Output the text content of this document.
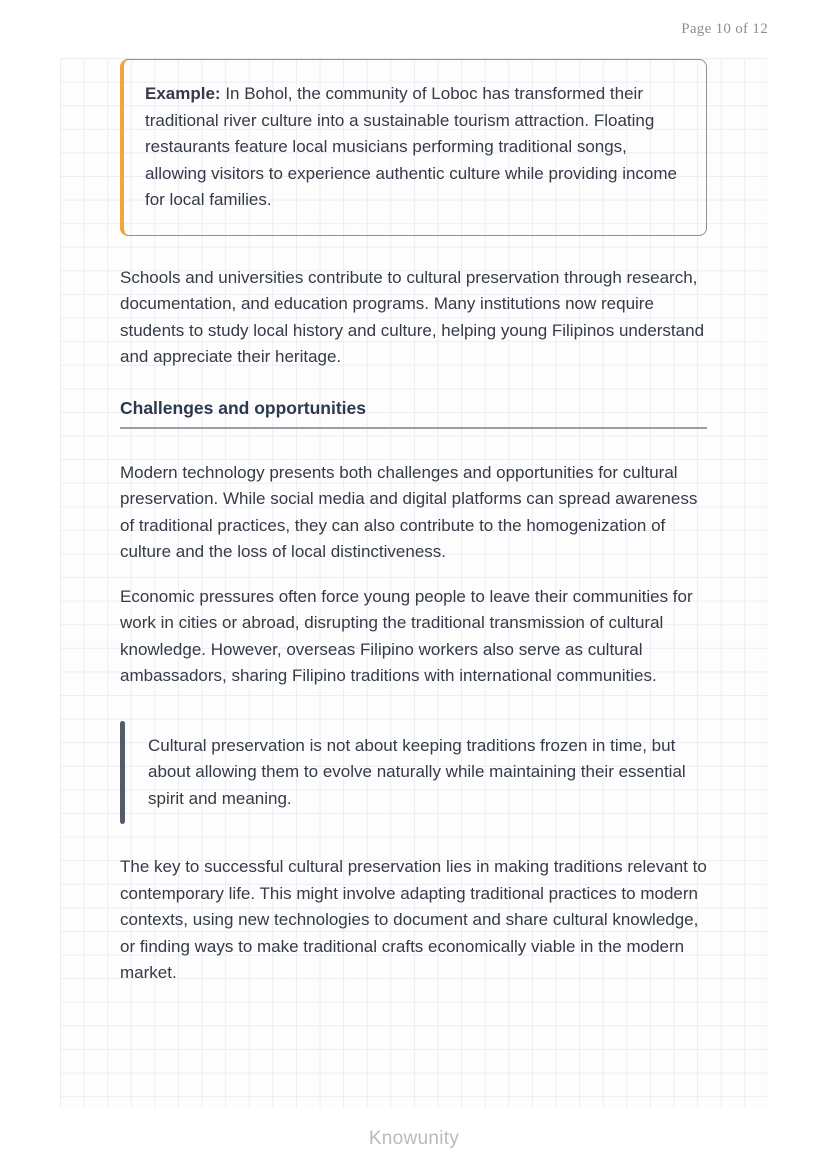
Page 10 of 12

Example: In Bohol, the community of Loboc has transformed their traditional river culture into a sustainable tourism attraction. Floating restaurants feature local musicians performing traditional songs, allowing visitors to experience authentic culture while providing income for local families.

Schools and universities contribute to cultural preservation through research, documentation, and education programs. Many institutions now require students to study local history and culture, helping young Filipinos understand and appreciate their heritage.

Challenges and opportunities

Modern technology presents both challenges and opportunities for cultural preservation. While social media and digital platforms can spread awareness of traditional practices, they can also contribute to the homogenization of culture and the loss of local distinctiveness.

Economic pressures often force young people to leave their communities for work in cities or abroad, disrupting the traditional transmission of cultural knowledge. However, overseas Filipino workers also serve as cultural ambassadors, sharing Filipino traditions with international communities.

Cultural preservation is not about keeping traditions frozen in time, but about allowing them to evolve naturally while maintaining their essential spirit and meaning.

The key to successful cultural preservation lies in making traditions relevant to contemporary life. This might involve adapting traditional practices to modern contexts, using new technologies to document and share cultural knowledge, or finding ways to make traditional crafts economically viable in the modern market.

Knowunity
